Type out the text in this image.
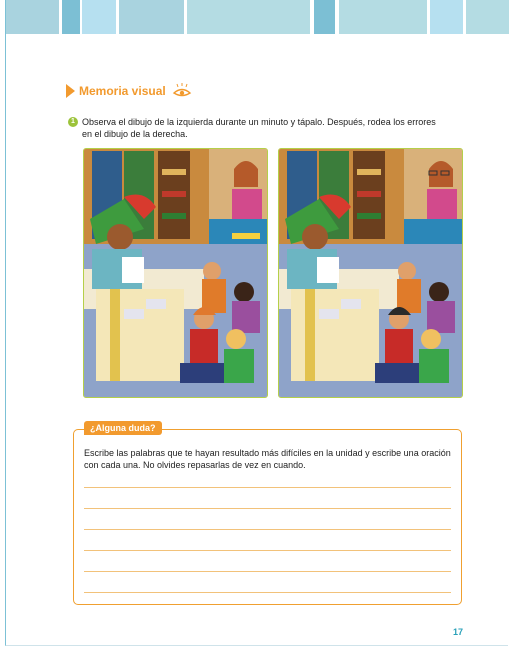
Memoria visual
1 Observa el dibujo de la izquierda durante un minuto y tápalo. Después, rodea los errores en el dibujo de la derecha.
¿Alguna duda?
Escribe las palabras que te hayan resultado más difíciles en la unidad y escribe una oración con cada una. No olvides repasarlas de vez en cuando.
17
